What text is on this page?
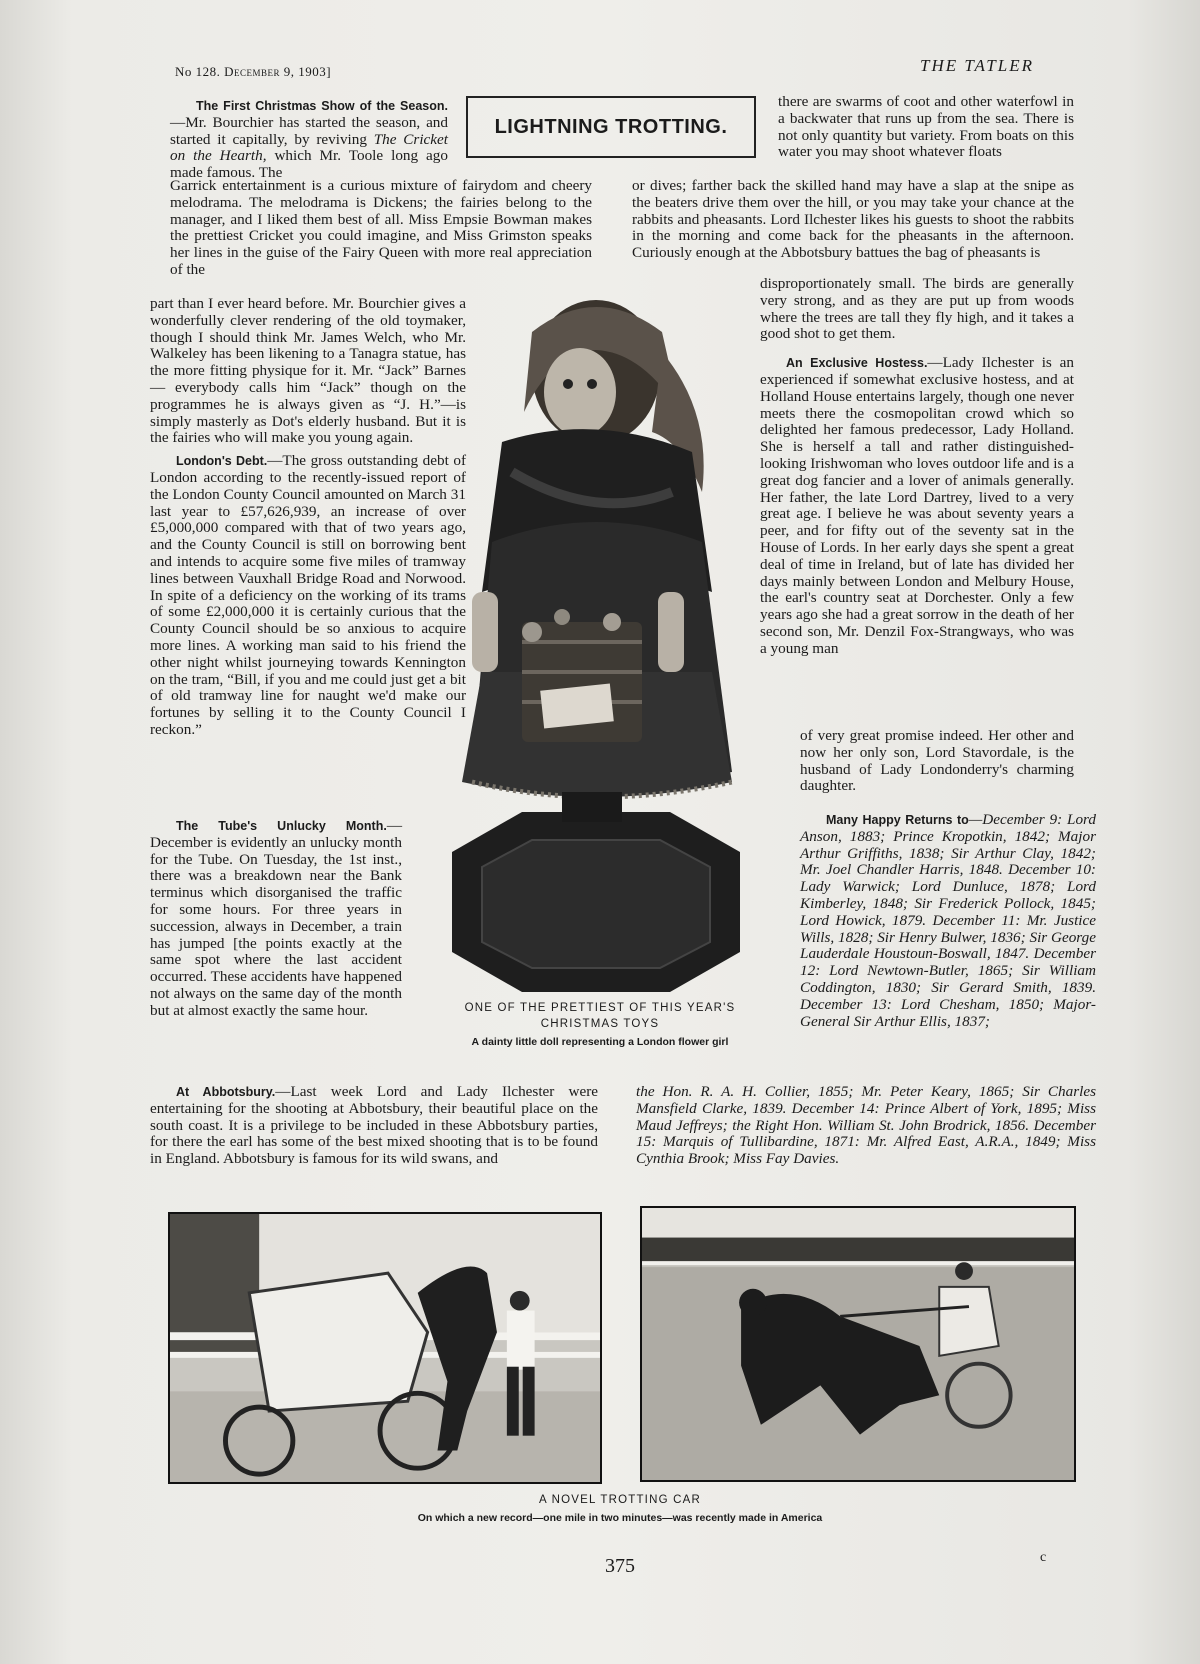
No 128. December 9, 1903]	THE TATLER
LIGHTNING TROTTING.

The First Christmas Show of the Season.—Mr. Bourchier has started the season, and started it capitally, by reviving The Cricket on the Hearth, which Mr. Toole long ago made famous. The

Garrick entertainment is a curious mixture of fairydom and cheery melodrama. The melodrama is Dickens; the fairies belong to the manager, and I liked them best of all. Miss Empsie Bowman makes the prettiest Cricket you could imagine, and Miss Grimston speaks her lines in the guise of the Fairy Queen with more real appreciation of the

part than I ever heard before. Mr. Bourchier gives a wonderfully clever rendering of the old toymaker, though I should think Mr. James Welch, who Mr. Walkeley has been likening to a Tanagra statue, has the more fitting physique for it. Mr. “Jack” Barnes — everybody calls him “Jack” though on the programmes he is always given as “J. H.”—is simply masterly as Dot's elderly husband. But it is the fairies who will make you young again.

London's Debt.—The gross outstanding debt of London according to the recently-issued report of the London County Council amounted on March 31 last year to £57,626,939, an increase of over £5,000,000 compared with that of two years ago, and the County Council is still on borrowing bent and intends to acquire some five miles of tramway lines between Vauxhall Bridge Road and Norwood. In spite of a deficiency on the working of its trams of some £2,000,000 it is certainly curious that the County Council should be so anxious to acquire more lines. A working man said to his friend the other night whilst journeying towards Kennington on the tram, “Bill, if you and me could just get a bit of old tramway line for naught we'd make our fortunes by selling it to the County Council I reckon.”

The Tube's Unlucky Month.— December is evidently an unlucky month for the Tube. On Tuesday, the 1st inst., there was a breakdown near the Bank terminus which disorganised the traffic for some hours. For three years in succession, always in December, a train has jumped [the points exactly at the same spot where the last accident occurred. These accidents have happened not always on the same day of the month but at almost exactly the same hour.	ONE OF THE PRETTIEST OF THIS YEAR'S CHRISTMAS TOYS
A dainty little doll representing a London flower girl

there are swarms of coot and other waterfowl in a backwater that runs up from the sea. There is not only quantity but variety. From boats on this water you may shoot whatever floats

or dives; farther back the skilled hand may have a slap at the snipe as the beaters drive them over the hill, or you may take your chance at the rabbits and pheasants. Lord Ilchester likes his guests to shoot the rabbits in the morning and come back for the pheasants in the afternoon. Curiously enough at the Abbotsbury battues the bag of pheasants is

disproportionately small. The birds are generally very strong, and as they are put up from woods where the trees are tall they fly high, and it takes a good shot to get them.

An Exclusive Hostess.—Lady Ilchester is an experienced if somewhat exclusive hostess, and at Holland House entertains largely, though one never meets there the cosmopolitan crowd which so delighted her famous predecessor, Lady Holland. She is herself a tall and rather distinguished-looking Irishwoman who loves outdoor life and is a great dog fancier and a lover of animals generally. Her father, the late Lord Dartrey, lived to a very great age. I believe he was about seventy years a peer, and for fifty out of the seventy sat in the House of Lords. In her early days she spent a great deal of time in Ireland, but of late has divided her days mainly between London and Melbury House, the earl's country seat at Dorchester. Only a few years ago she had a great sorrow in the death of her second son, Mr. Denzil Fox-Strangways, who was a young man

of very great promise indeed. Her other and now her only son, Lord Stavordale, is the husband of Lady Londonderry's charming daughter.

Many Happy Returns to—December 9: Lord Anson, 1883; Prince Kropotkin, 1842; Major Arthur Griffiths, 1838; Sir Arthur Clay, 1842; Mr. Joel Chandler Harris, 1848. December 10: Lady Warwick; Lord Dunluce, 1878; Lord Kimberley, 1848; Sir Frederick Pollock, 1845; Lord Howick, 1879. December 11: Mr. Justice Wills, 1828; Sir Henry Bulwer, 1836; Sir George Lauderdale Houstoun-Boswall, 1847. December 12: Lord Newtown-Butler, 1865; Sir William Coddington, 1830; Sir Gerard Smith, 1839. December 13: Lord Chesham, 1850; Major-General Sir Arthur Ellis, 1837;

At Abbotsbury.—Last week Lord and Lady Ilchester were entertaining for the shooting at Abbotsbury, their beautiful place on the south coast. It is a privilege to be included in these Abbotsbury parties, for there the earl has some of the best mixed shooting that is to be found in England. Abbotsbury is famous for its wild swans, and

the Hon. R. A. H. Collier, 1855; Mr. Peter Keary, 1865; Sir Charles Mansfield Clarke, 1839. December 14: Prince Albert of York, 1895; Miss Maud Jeffreys; the Right Hon. William St. John Brodrick, 1856. December 15: Marquis of Tullibardine, 1871: Mr. Alfred East, A.R.A., 1849; Miss Cynthia Brook; Miss Fay Davies.

A NOVEL TROTTING CAR
On which a new record—one mile in two minutes—was recently made in America
375	c
